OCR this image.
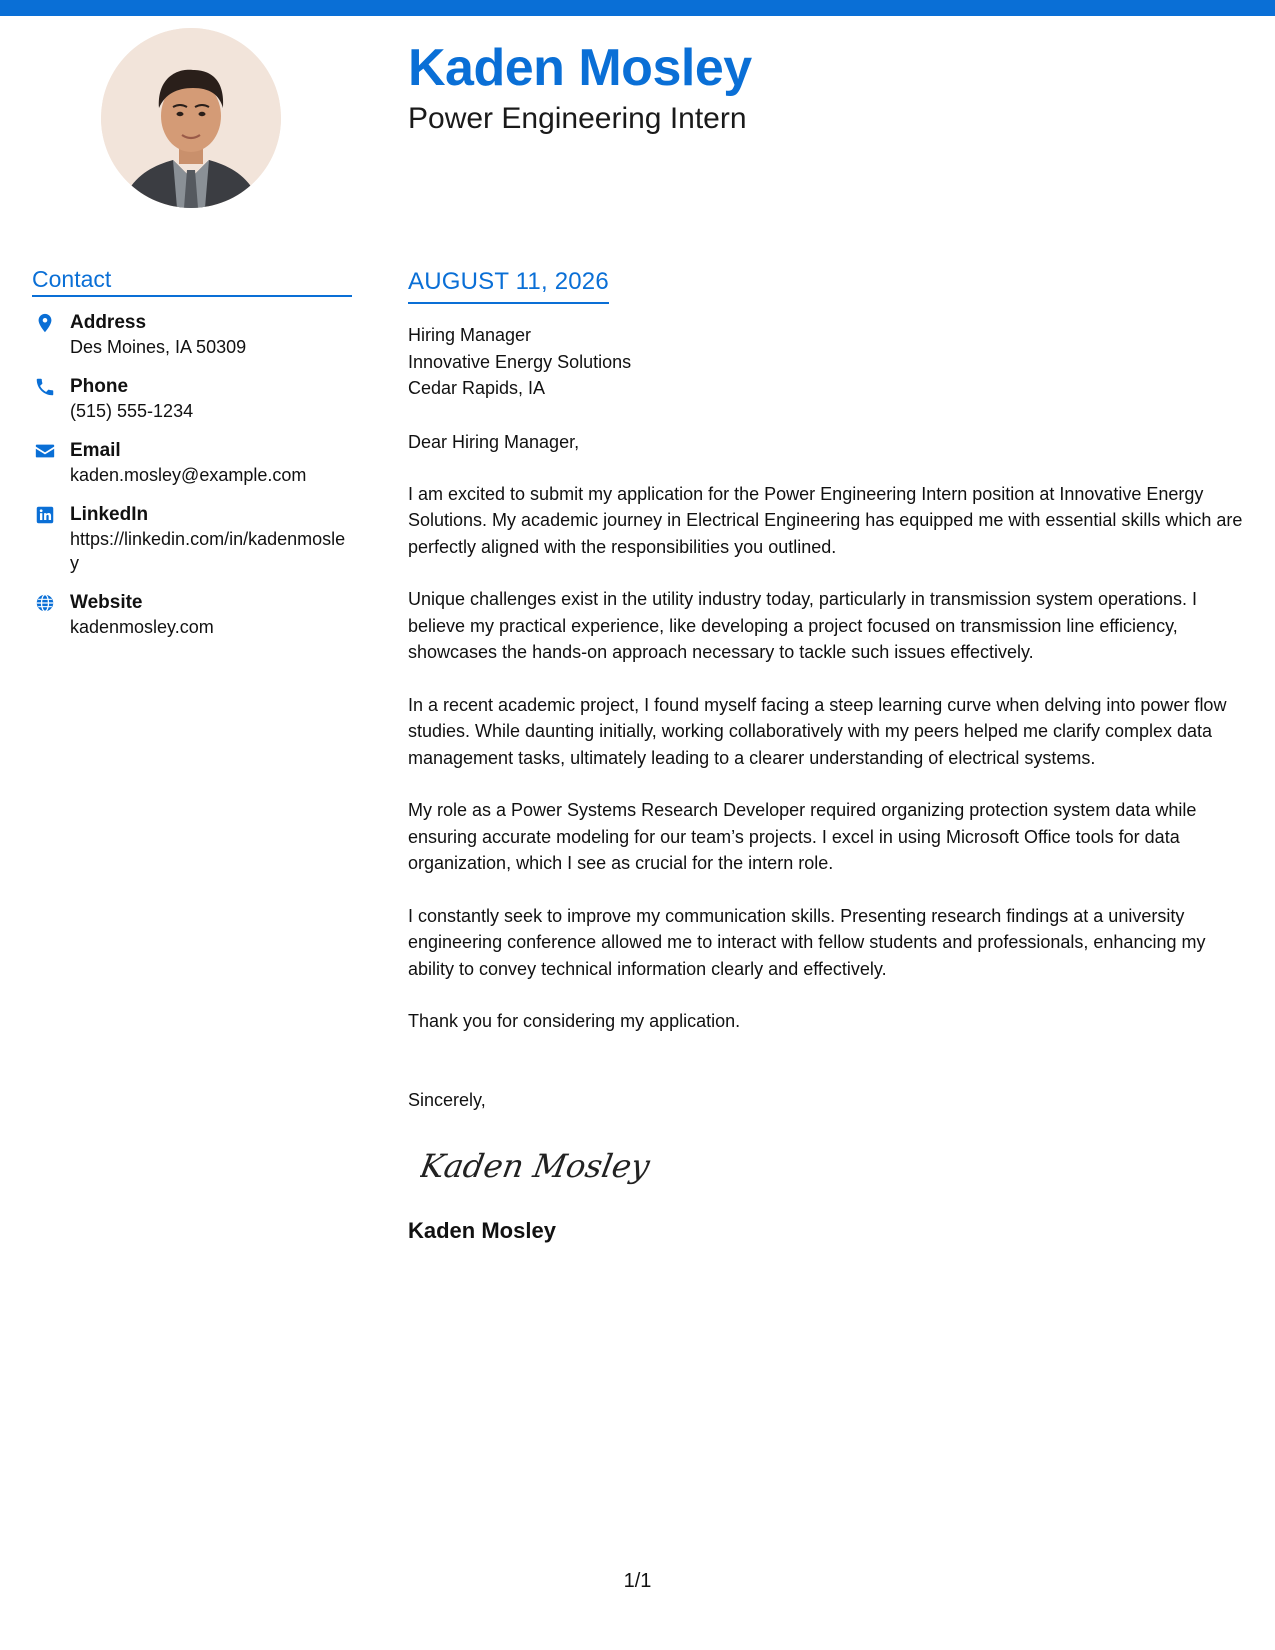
Kaden Mosley
Power Engineering Intern
Contact
Address
Des Moines, IA 50309
Phone
(515) 555-1234
Email
kaden.mosley@example.com
LinkedIn
https://linkedin.com/in/kadenmosley
Website
kadenmosley.com
AUGUST 11, 2026
Hiring Manager
Innovative Energy Solutions
Cedar Rapids, IA
Dear Hiring Manager,
I am excited to submit my application for the Power Engineering Intern position at Innovative Energy Solutions. My academic journey in Electrical Engineering has equipped me with essential skills which are perfectly aligned with the responsibilities you outlined.
Unique challenges exist in the utility industry today, particularly in transmission system operations. I believe my practical experience, like developing a project focused on transmission line efficiency, showcases the hands-on approach necessary to tackle such issues effectively.
In a recent academic project, I found myself facing a steep learning curve when delving into power flow studies. While daunting initially, working collaboratively with my peers helped me clarify complex data management tasks, ultimately leading to a clearer understanding of electrical systems.
My role as a Power Systems Research Developer required organizing protection system data while ensuring accurate modeling for our team’s projects. I excel in using Microsoft Office tools for data organization, which I see as crucial for the intern role.
I constantly seek to improve my communication skills. Presenting research findings at a university engineering conference allowed me to interact with fellow students and professionals, enhancing my ability to convey technical information clearly and effectively.
Thank you for considering my application.
Sincerely,
Kaden Mosley
Kaden Mosley
1/1
